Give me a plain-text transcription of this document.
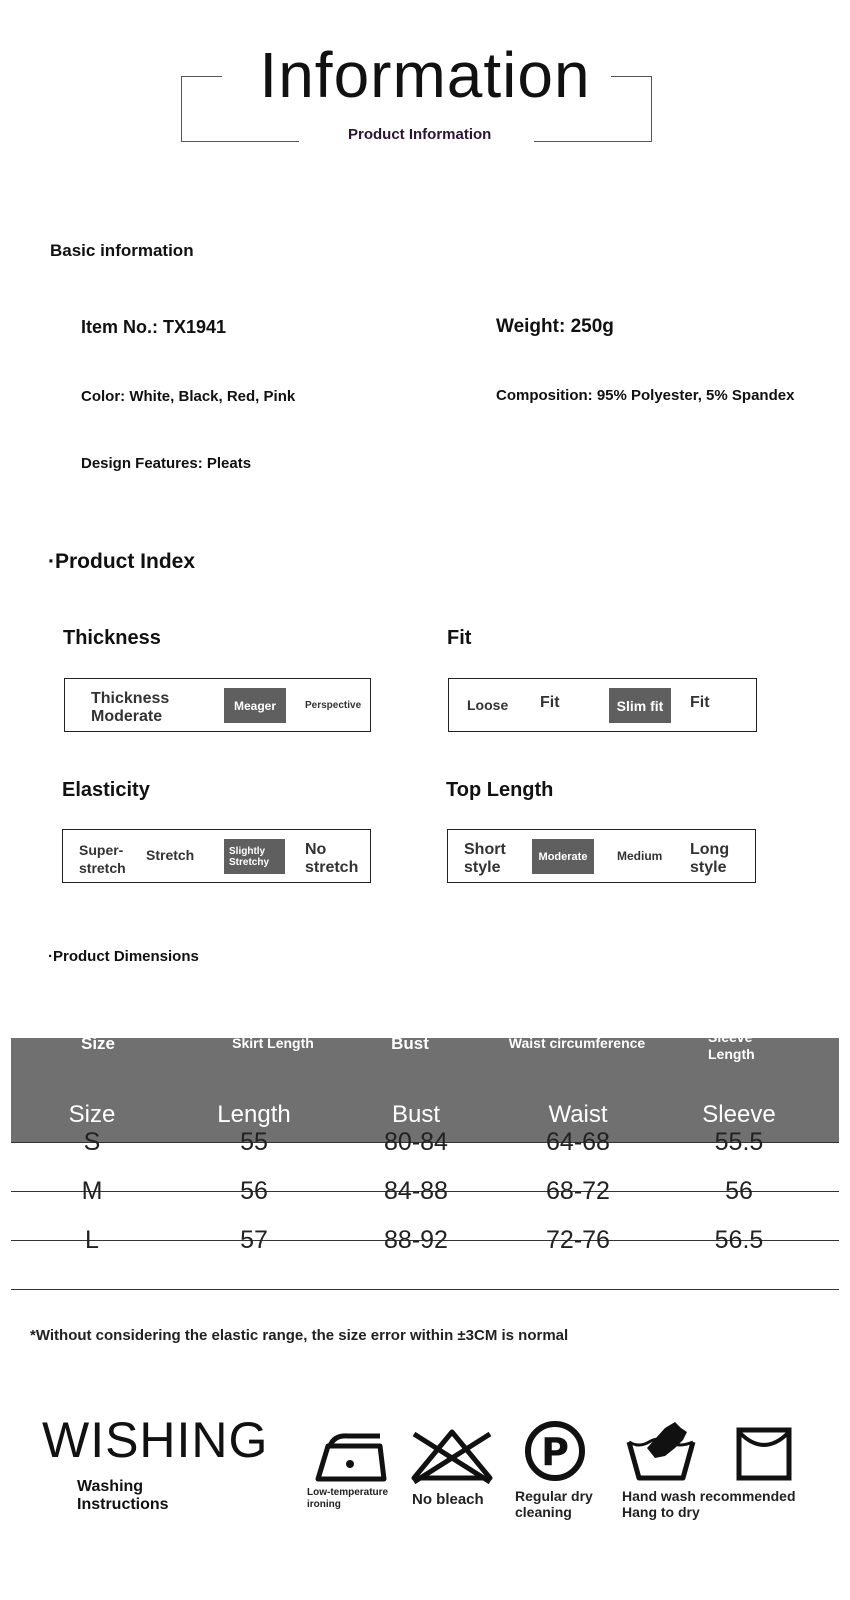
Information
Product Information
Basic information
Item No.: TX1941	Weight: 250g
Color: White, Black, Red, Pink	Composition: 95% Polyester, 5% Spandex
Design Features: Pleats
·Product Index
Thickness
Thickness Moderate
Meager	Perspective
Fit
Loose Fit	Slim fit	Fit
Elasticity
Super-stretch
Stretch	Slightly Stretchy
No stretch
Top Length
Short style
Moderate	Medium Long style
·Product Dimensions
Size	Skirt Length	Bust	Waist circumference	Sleeve Length
Size	Length	Bust	Waist	Sleeve
S	55	80-84	64-68	55.5
M	56	84-88	68-72	56
L	57	88-92	72-76	56.5
*Without considering the elastic range, the size error within ±3CM is normal
WISHING
Washing Instructions
Low-temperature ironing	No bleach
P
Regular dry cleaning
Hand wash recommended
Hang to dry
